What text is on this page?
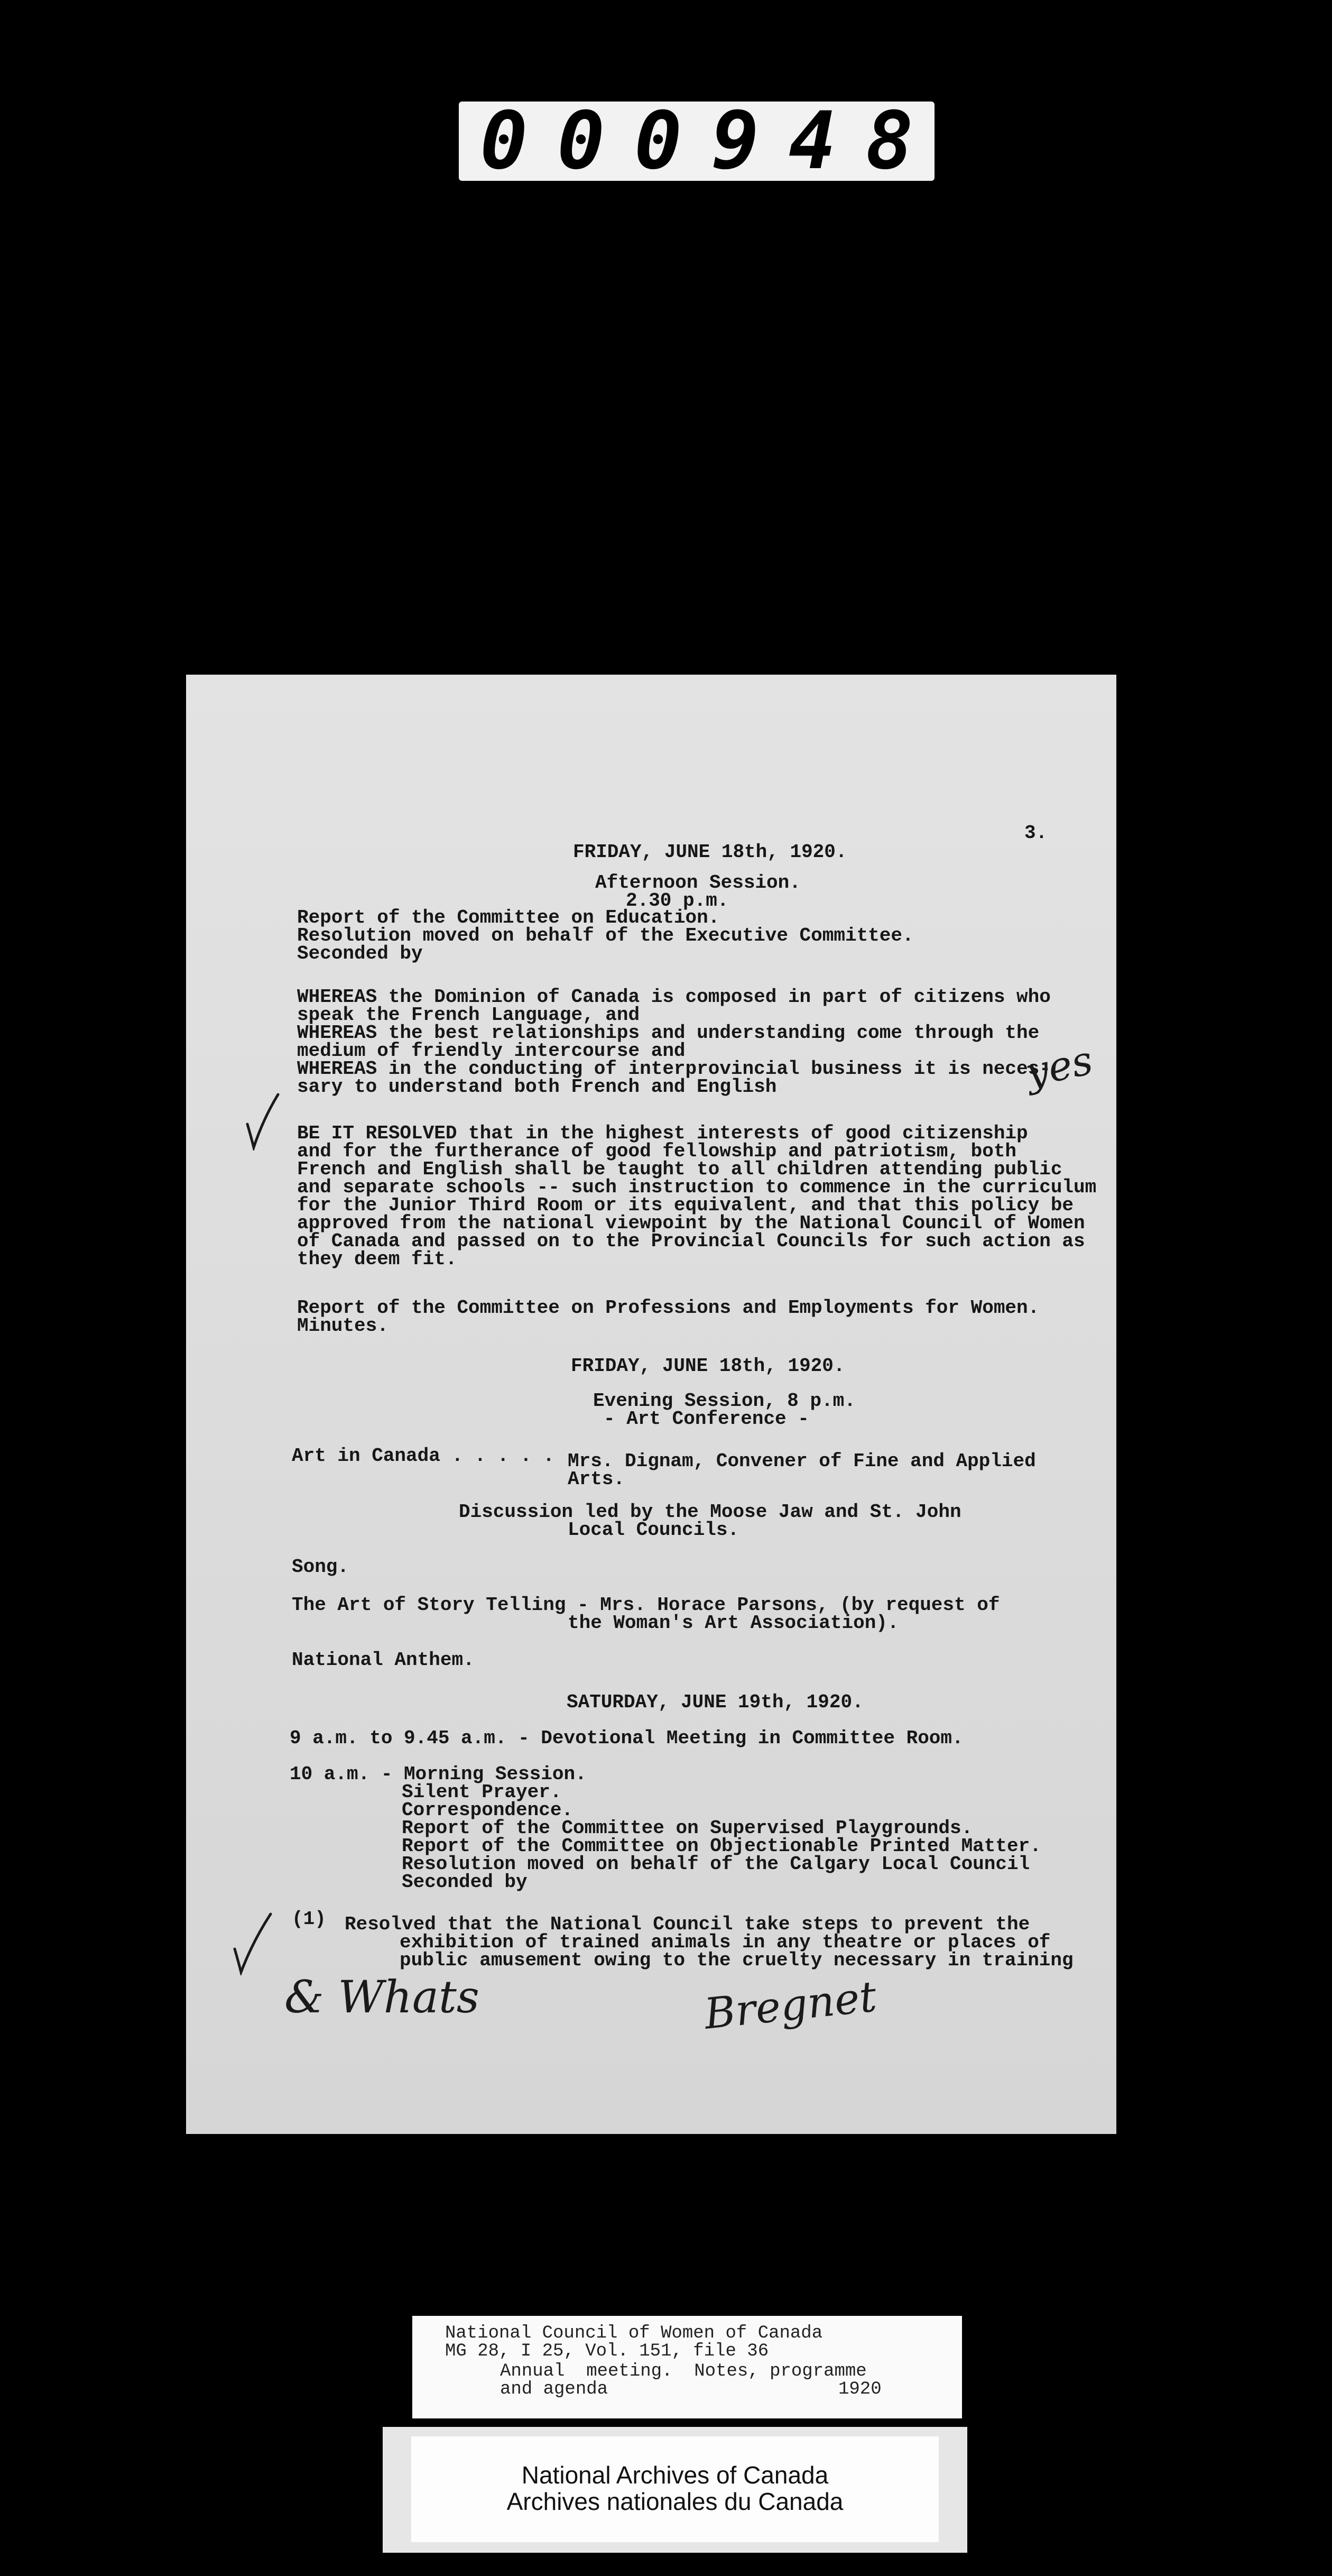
0 0 0 9 4 8
3.
FRIDAY, JUNE 18th, 1920.
Afternoon Session.
2.30 p.m.
Report of the Committee on Education.
Resolution moved on behalf of the Executive Committee.
Seconded by
WHEREAS the Dominion of Canada is composed in part of citizens who
speak the French Language, and
WHEREAS the best relationships and understanding come through the
medium of friendly intercourse and
WHEREAS in the conducting of interprovincial business it is neces-
sary to understand both French and English
BE IT RESOLVED that in the highest interests of good citizenship
and for the furtherance of good fellowship and patriotism, both
French and English shall be taught to all children attending public
and separate schools -- such instruction to commence in the curriculum
for the Junior Third Room or its equivalent, and that this policy be
approved from the national viewpoint by the National Council of Women
of Canada and passed on to the Provincial Councils for such action as
they deem fit.
Report of the Committee on Professions and Employments for Women.
Minutes.
FRIDAY, JUNE 18th, 1920.
Evening Session, 8 p.m.
- Art Conference -
Art in Canada . . . . . Mrs. Dignam, Convener of Fine and Applied
Arts.
Discussion led by the Moose Jaw and St. John
Local Councils.
Song.
The Art of Story Telling - Mrs. Horace Parsons, (by request of
the Woman's Art Association).
National Anthem.
SATURDAY, JUNE 19th, 1920.
9 a.m. to 9.45 a.m. - Devotional Meeting in Committee Room.
10 a.m. - Morning Session.
Silent Prayer.
Correspondence.
Report of the Committee on Supervised Playgrounds.
Report of the Committee on Objectionable Printed Matter.
Resolution moved on behalf of the Calgary Local Council
Seconded by
(1) Resolved that the National Council take steps to prevent the
exhibition of trained animals in any theatre or places of
public amusement owing to the cruelty necessary in training
yes
& Whats	Bregnet
National Council of Women of Canada
MG 28, I 25, Vol. 151, file 36
Annual  meeting.  Notes, programme
and agenda	1920
National Archives of Canada
Archives nationales du Canada
